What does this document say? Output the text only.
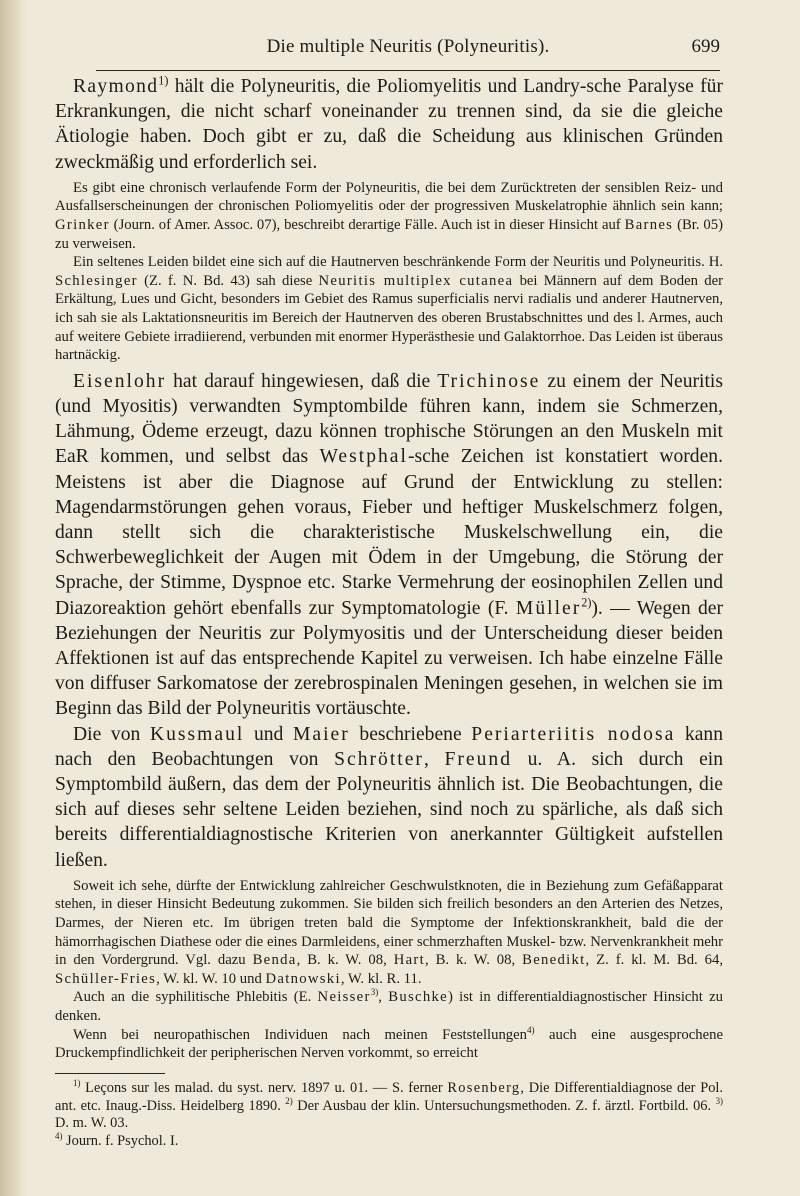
Die multiple Neuritis (Polyneuritis).	699

Raymond$^{1)}$ hält die Polyneuritis, die Poliomyelitis und Landry-sche Paralyse für Erkrankungen, die nicht scharf voneinander zu trennen sind, da sie die gleiche Ätiologie haben. Doch gibt er zu, daß die Scheidung aus klinischen Gründen zweckmäßig und erforderlich sei.

Es gibt eine chronisch verlaufende Form der Polyneuritis, die bei dem Zurücktreten der sensiblen Reiz- und Ausfallserscheinungen der chronischen Poliomyelitis oder der progressiven Muskelatrophie ähnlich sein kann; Grinker (Journ. of Amer. Assoc. 07), beschreibt derartige Fälle. Auch ist in dieser Hinsicht auf Barnes (Br. 05) zu verweisen.

Ein seltenes Leiden bildet eine sich auf die Hautnerven beschränkende Form der Neuritis und Polyneuritis. H. Schlesinger (Z. f. N. Bd. 43) sah diese Neuritis multiplex cutanea bei Männern auf dem Boden der Erkältung, Lues und Gicht, besonders im Gebiet des Ramus superficialis nervi radialis und anderer Hautnerven, ich sah sie als Laktationsneuritis im Bereich der Hautnerven des oberen Brustabschnittes und des l. Armes, auch auf weitere Gebiete irradiierend, verbunden mit enormer Hyperästhesie und Galaktorrhoe. Das Leiden ist überaus hartnäckig.

Eisenlohr hat darauf hingewiesen, daß die Trichinose zu einem der Neuritis (und Myositis) verwandten Symptombilde führen kann, indem sie Schmerzen, Lähmung, Ödeme erzeugt, dazu können trophische Störungen an den Muskeln mit EaR kommen, und selbst das Westphal-sche Zeichen ist konstatiert worden. Meistens ist aber die Diagnose auf Grund der Entwicklung zu stellen: Magendarmstörungen gehen voraus, Fieber und heftiger Muskelschmerz folgen, dann stellt sich die charakteristische Muskelschwellung ein, die Schwerbeweglichkeit der Augen mit Ödem in der Umgebung, die Störung der Sprache, der Stimme, Dyspnoe etc. Starke Vermehrung der eosinophilen Zellen und Diazoreaktion gehört ebenfalls zur Symptomatologie (F. Müller$^{2)}$). — Wegen der Beziehungen der Neuritis zur Polymyositis und der Unterscheidung dieser beiden Affektionen ist auf das entsprechende Kapitel zu verweisen. Ich habe einzelne Fälle von diffuser Sarkomatose der zerebrospinalen Meningen gesehen, in welchen sie im Beginn das Bild der Polyneuritis vortäuschte.

Die von Kussmaul und Maier beschriebene Periarteriitis nodosa kann nach den Beobachtungen von Schrötter, Freund u. A. sich durch ein Symptombild äußern, das dem der Polyneuritis ähnlich ist. Die Beobachtungen, die sich auf dieses sehr seltene Leiden beziehen, sind noch zu spärliche, als daß sich bereits differentialdiagnostische Kriterien von anerkannter Gültigkeit aufstellen ließen.

Soweit ich sehe, dürfte der Entwicklung zahlreicher Geschwulstknoten, die in Beziehung zum Gefäßapparat stehen, in dieser Hinsicht Bedeutung zukommen. Sie bilden sich freilich besonders an den Arterien des Netzes, Darmes, der Nieren etc. Im übrigen treten bald die Symptome der Infektionskrankheit, bald die der hämorrhagischen Diathese oder die eines Darmleidens, einer schmerzhaften Muskel- bzw. Nervenkrankheit mehr in den Vordergrund. Vgl. dazu Benda, B. k. W. 08, Hart, B. k. W. 08, Benedikt, Z. f. kl. M. Bd. 64, Schüller-Fries, W. kl. W. 10 und Datnowski, W. kl. R. 11.

Auch an die syphilitische Phlebitis (E. Neisser$^{3)}$, Buschke) ist in differentialdiagnostischer Hinsicht zu denken.

Wenn bei neuropathischen Individuen nach meinen Feststellungen$^{4)}$ auch eine ausgesprochene Druckempfindlichkeit der peripherischen Nerven vorkommt, so erreicht

$^{1)}$ Leçons sur les malad. du syst. nerv. 1897 u. 01. — S. ferner Rosenberg, Die Differentialdiagnose der Pol. ant. etc. Inaug.-Diss. Heidelberg 1890. $^{2)}$ Der Ausbau der klin. Untersuchungsmethoden. Z. f. ärztl. Fortbild. 06. $^{3)}$ D. m. W. 03.
$^{4)}$ Journ. f. Psychol. I.
